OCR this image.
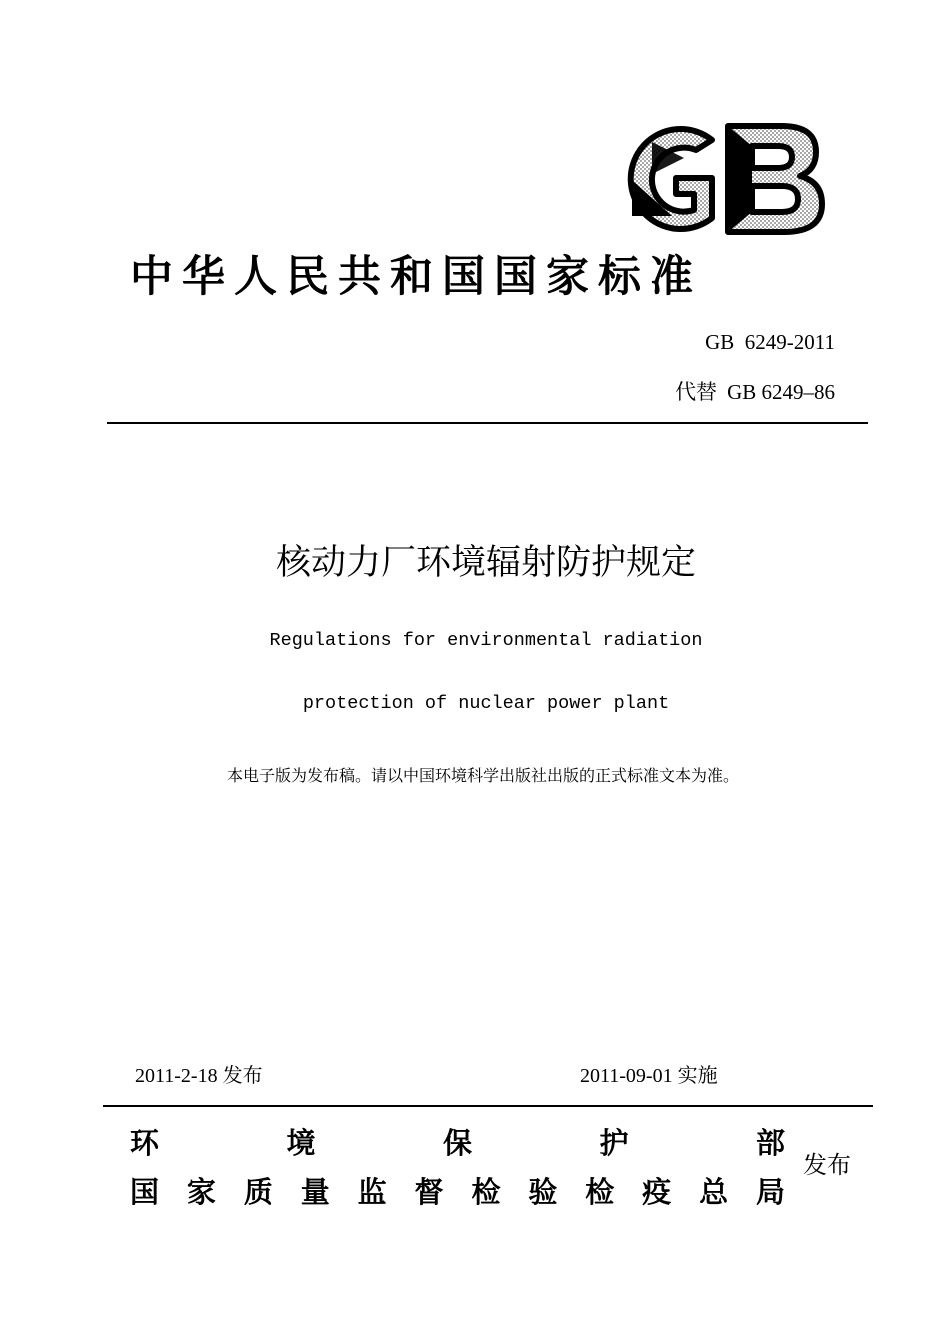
中华人民共和国国家标准
GB  6249-2011
代替 GB 6249–86
核动力厂环境辐射防护规定
Regulations for environmental radiation
protection of nuclear power plant
本电子版为发布稿。请以中国环境科学出版社出版的正式标准文本为准。
2011-2-18 发布	2011-09-01 实施
环	境	保	护	部
国 家 质 量 监 督 检 验 检 疫 总 局
发布
